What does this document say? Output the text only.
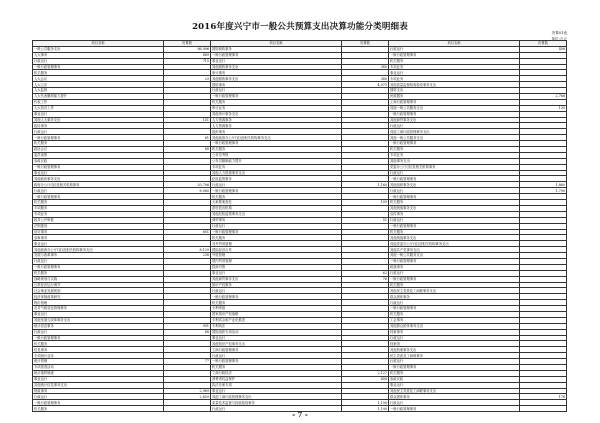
2016年度兴宁市一般公共预算支出决算功能分类明细表
决算01表
单位:万元
项目名称	决算数	项目名称	决算数	项目名称	决算数
一般公共服务支出	86,996	国防税收事务		行政运行	408
人大事务	889	一般行政管理事务		一般行政管理事务	
行政运行	715	事业运行		机关服务	
一般行政管理事务		其他税收事务支出	380	专项业务	
机关服务		审计事务		事业运行	
人大会议	23	其他税收事务支出	380	专项业务	
人大立法		国防事务	4,075	其他质量监督检验检疫事务支出	
人大监督		行政运行		国防支出	
人大代表履职能力提升		一般行政管理事务		民政服务	2,768
代表工作		机关服务		工商行政管理事务	
人大信访工作		审计业务		其他一般公共服务支出	130
事业运行		其他审计事务支出		一般行政管理事务	
其他人大事务支出	151	人力资源事务		其他商贸事务支出	
政协事务		人力资源事务		行政运行	
行政运行		组织事务		其他工商行政管理事务支出	
一般行政管理事务	81	其他政府办公厅(室)及相关机构事务支出		其他一般公共服务支出	
机关服务		一般行政管理事务		一般行政管理事务	
政协会议	88	机关服务		机关服务	
委员视察		公务员考核		专项业务	
参政议政		公务员履职能力提升		其他事务支出	
一般行政管理事务		专项业务		党委办公厅(室)及相关机构事务	
事业运行		其他人力资源事务支出		行政运行	
其他政协事务支出		纪检监察事务		一般行政管理事务	
政府办公厅(室)及相关机构事务	20,706	行政运行	1,160	其他组织事务支出	1,860
行政运行	8,080	一般行政管理事务		行政运行	1,790
一般行政管理事务		机关服务		一般行政管理事务	
机关服务		大案要案查处	109	机关服务	
专项服务		派驻派出机构		其他统战事务支出	
专项业务		其他纪检监察事务支出		宣传事务	
政务公开审批		商贸事务	51	行政运行	
法制建设		行政运行		一般行政管理事务	
信访事务	601	一般行政管理事务		机关服务	
参事事务		机关服务		其他统战事务支出	
事业运行		对外贸易管理		其他党委办公厅(室)及相关机构事务支出	
其他政府办公厅(室)及相关机构事务支出	8,120	国际经济合作		其他共产党事务支出	
发展与改革事务	238	外资管理		其他一般公共服务支出	
行政运行		国内贸易管理		一般行政管理事务	
一般行政管理事务		招商引资		统战事务	
机关服务		事业运行	62	行政运行	
战略规划与实施		其他商贸事务支出	76	一般行政管理事务	
日常经济运行调节		知识产权事务		机关服务	
社会事业发展规划		行政运行		其他民主党派及工商联事务支出	
经济体制改革研究		一般行政管理事务		群众团体事务	
物价管理		机关服务		行政运行	
应对气候变化管理事务		专利审批		一般行政管理事务	
事业运行		国家知识产权战略		机关服务	
其他发展与改革事务支出		专利试点和产业化推进		工会事务	
统计信息事务	901	专利执法		其他群众团体事务支出	
行政运行	68	国际组织专项活动		档案事务	
一般行政管理事务		事业运行		行政运行	
机关服务		其他知识产权事务支出		档案馆	
信息事务		工商行政管理事务		其他档案事务支出	
专项统计业务		行政运行		民主党派及工商联事务	
统计管理	77	一般行政管理事务		行政运行	
专项普查活动		机关服务		一般行政管理事务	
统计抽样调查		工商行政执法	2,127	机关服务	
事业运行		消费者权益保护	408	参政议政	
其他统计信息事务支出		执法办案专项		事业运行	
财政事务	2,969	事业运行		其他民主党派及工商联事务支出	
行政运行	2,659	其他工商行政管理事务支出		群众团体事务	176
一般行政管理事务		质量技术监督与检验检疫事务	1,190	行政运行	
机关服务		行政运行	1,190	一般行政管理事务	
- 7 -
